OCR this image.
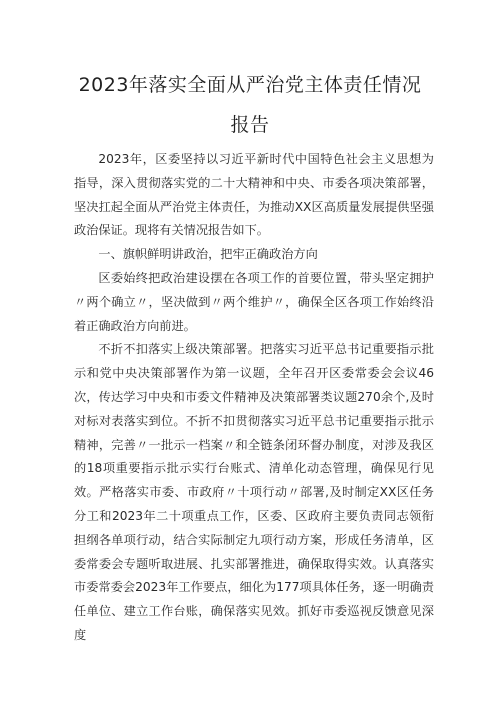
2023年落实全面从严治党主体责任情况
报告

2023年，区委坚持以习近平新时代中国特色社会主义思想为指导，深入贯彻落实党的二十大精神和中央、市委各项决策部署，坚决扛起全面从严治党主体责任，为推动XX区高质量发展提供坚强政治保证。现将有关情况报告如下。

一、旗帜鲜明讲政治，把牢正确政治方向

区委始终把政治建设摆在各项工作的首要位置，带头坚定拥护〃两个确立〃，坚决做到〃两个维护〃，确保全区各项工作始终沿着正确政治方向前进。

不折不扣落实上级决策部署。把落实习近平总书记重要指示批示和党中央决策部署作为第一议题，全年召开区委常委会会议46次，传达学习中央和市委文件精神及决策部署类议题270余个,及时对标对表落实到位。不折不扣贯彻落实习近平总书记重要指示批示精神，完善〃一批示一档案〃和全链条闭环督办制度，对涉及我区的18项重要指示批示实行台账式、清单化动态管理，确保见行见效。严格落实市委、市政府〃十项行动〃部署,及时制定XX区任务分工和2023年二十项重点工作，区委、区政府主要负责同志领衔担纲各单项行动，结合实际制定九项行动方案，形成任务清单，区委常委会专题听取进展、扎实部署推进，确保取得实效。认真落实市委常委会2023年工作要点，细化为177项具体任务，逐一明确责任单位、建立工作台账，确保落实见效。抓好市委巡视反馈意见深度
